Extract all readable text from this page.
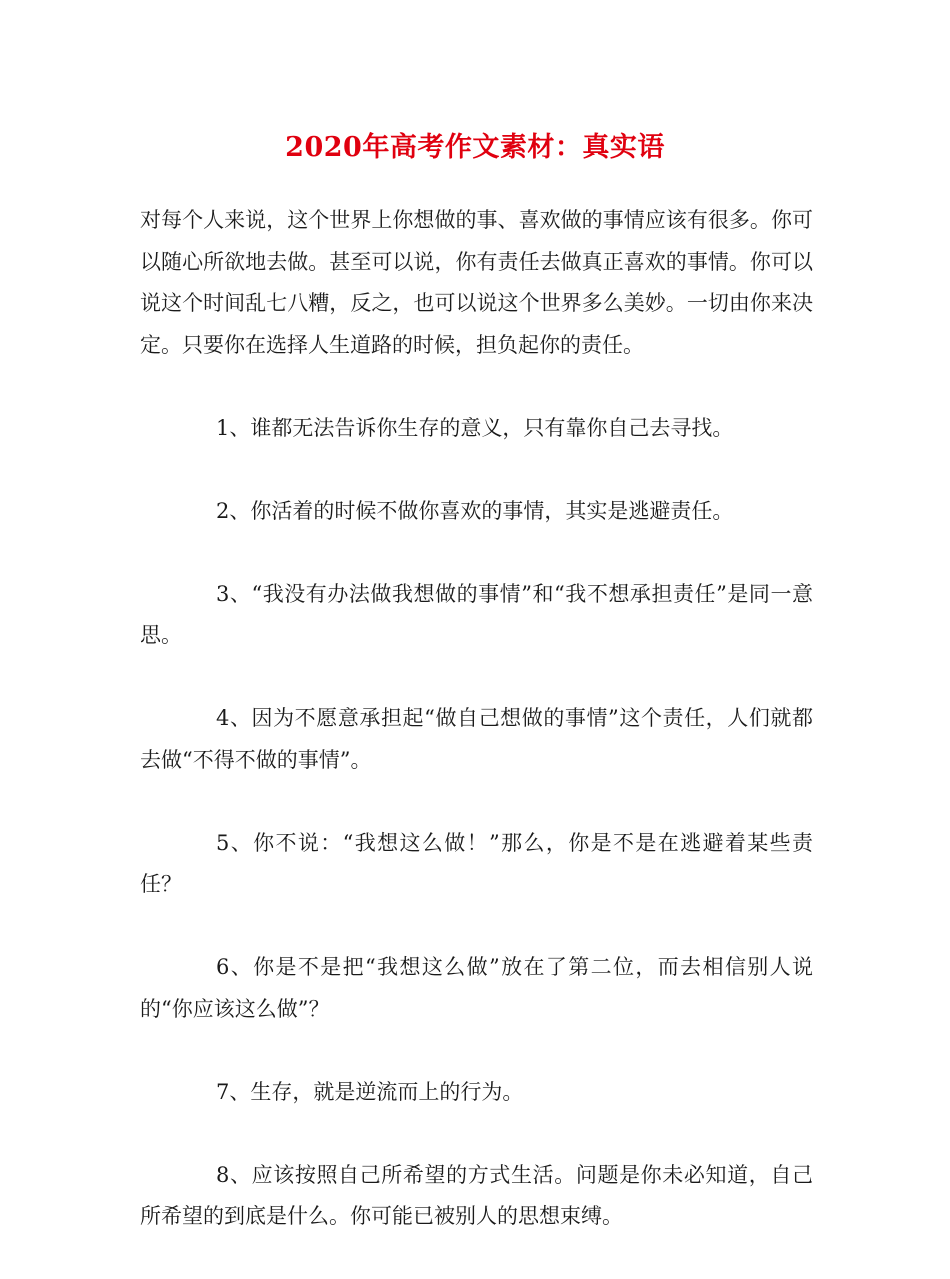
2020年高考作文素材：真实语

对每个人来说，这个世界上你想做的事、喜欢做的事情应该有很多。你可以随心所欲地去做。甚至可以说，你有责任去做真正喜欢的事情。你可以说这个时间乱七八糟，反之，也可以说这个世界多么美妙。一切由你来决定。只要你在选择人生道路的时候，担负起你的责任。

1、谁都无法告诉你生存的意义，只有靠你自己去寻找。

2、你活着的时候不做你喜欢的事情，其实是逃避责任。

3、“我没有办法做我想做的事情”和“我不想承担责任”是同一意思。

4、因为不愿意承担起“做自己想做的事情”这个责任，人们就都去做“不得不做的事情”。

5、你不说：“我想这么做！”那么，你是不是在逃避着某些责任？

6、你是不是把“我想这么做”放在了第二位，而去相信别人说的“你应该这么做”？

7、生存，就是逆流而上的行为。

8、应该按照自己所希望的方式生活。问题是你未必知道，自己所希望的到底是什么。你可能已被别人的思想束缚。
